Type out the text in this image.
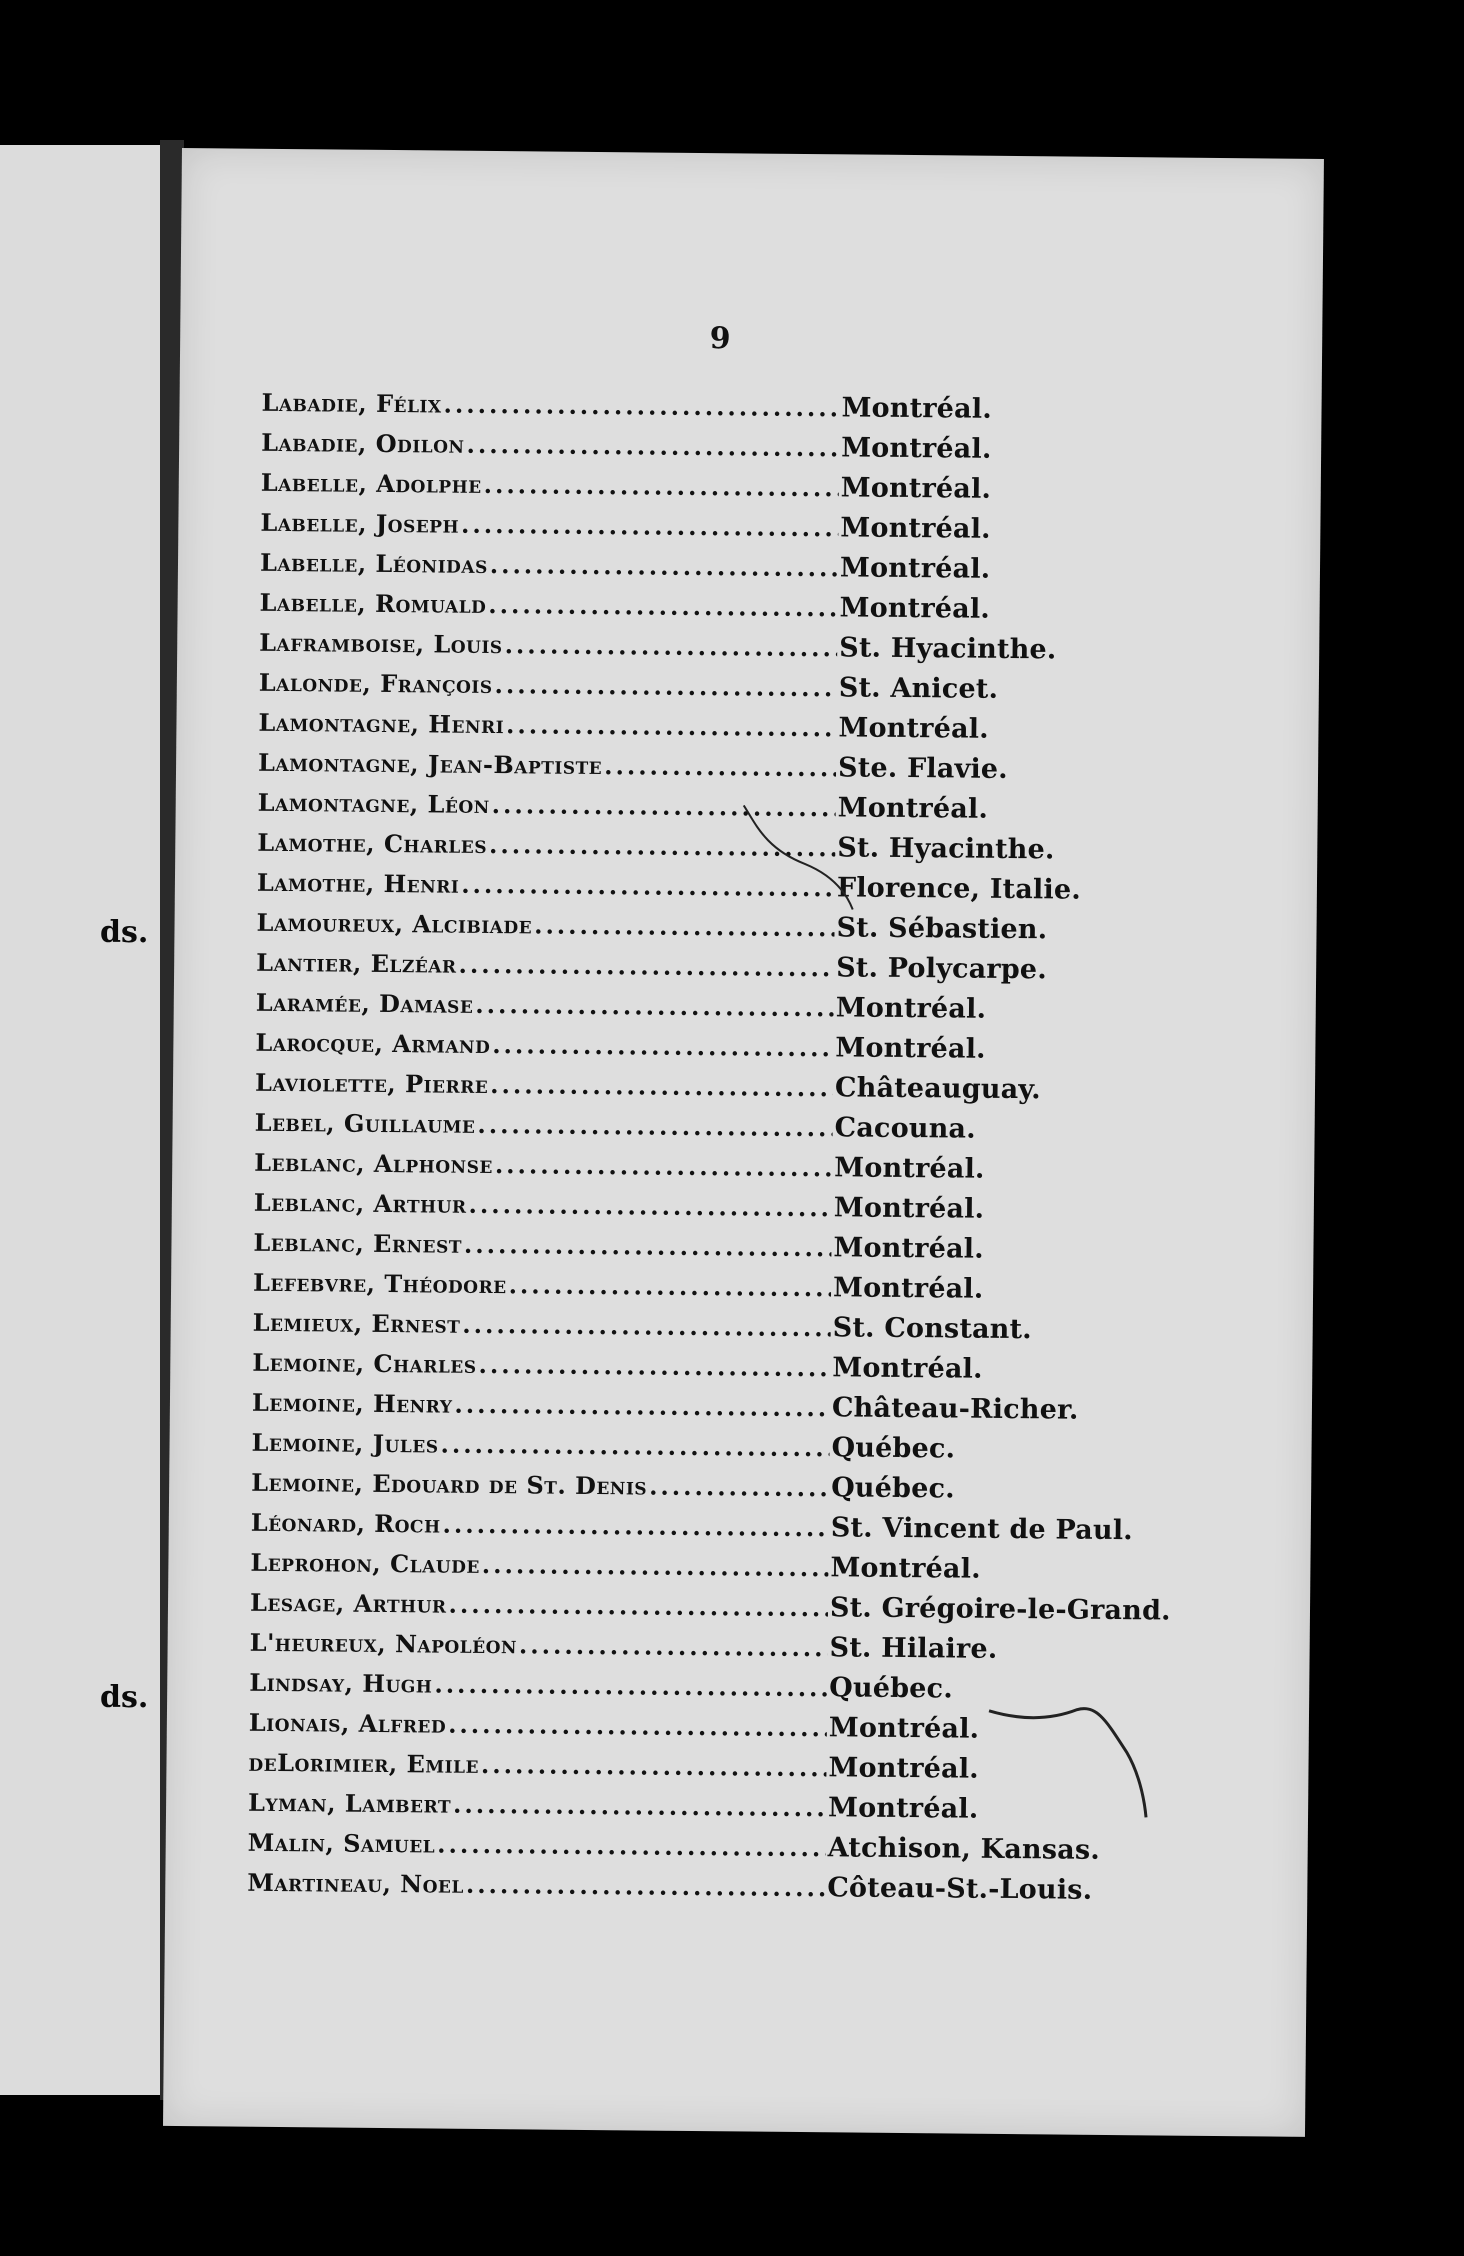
ds.
ds.
9
Labadie, Félix .....	Montréal.
Labadie, Odilon .....	Montréal.
Labelle, Adolphe .....	Montréal.
Labelle, Joseph .....	Montréal.
Labelle, Léonidas .....	Montréal.
Labelle, Romuald .....	Montréal.
Laframboise, Louis .....	St. Hyacinthe.
Lalonde, François .....	St. Anicet.
Lamontagne, Henri .....	Montréal.
Lamontagne, Jean-Baptiste .....	Ste. Flavie.
Lamontagne, Léon .....	Montréal.
Lamothe, Charles .....	St. Hyacinthe.
Lamothe, Henri .....	Florence, Italie.
Lamoureux, Alcibiade .....	St. Sébastien.
Lantier, Elzéar .....	St. Polycarpe.
Laramée, Damase .....	Montréal.
Larocque, Armand .....	Montréal.
Laviolette, Pierre .....	Châteauguay.
Lebel, Guillaume .....	Cacouna.
Leblanc, Alphonse .....	Montréal.
Leblanc, Arthur .....	Montréal.
Leblanc, Ernest .....	Montréal.
Lefebvre, Théodore .....	Montréal.
Lemieux, Ernest .....	St. Constant.
Lemoine, Charles .....	Montréal.
Lemoine, Henry .....	Château-Richer.
Lemoine, Jules .....	Québec.
Lemoine, Edouard de St. Denis .....	Québec.
Léonard, Roch .....	St. Vincent de Paul.
Leprohon, Claude .....	Montréal.
Lesage, Arthur .....	St. Grégoire-le-Grand.
L'heureux, Napoléon .....	St. Hilaire.
Lindsay, Hugh .....	Québec.
Lionais, Alfred .....	Montréal.
deLorimier, Emile .....	Montréal.
Lyman, Lambert .....	Montréal.
Malin, Samuel .....	Atchison, Kansas.
Martineau, Noel .....	Côteau-St.-Louis.
